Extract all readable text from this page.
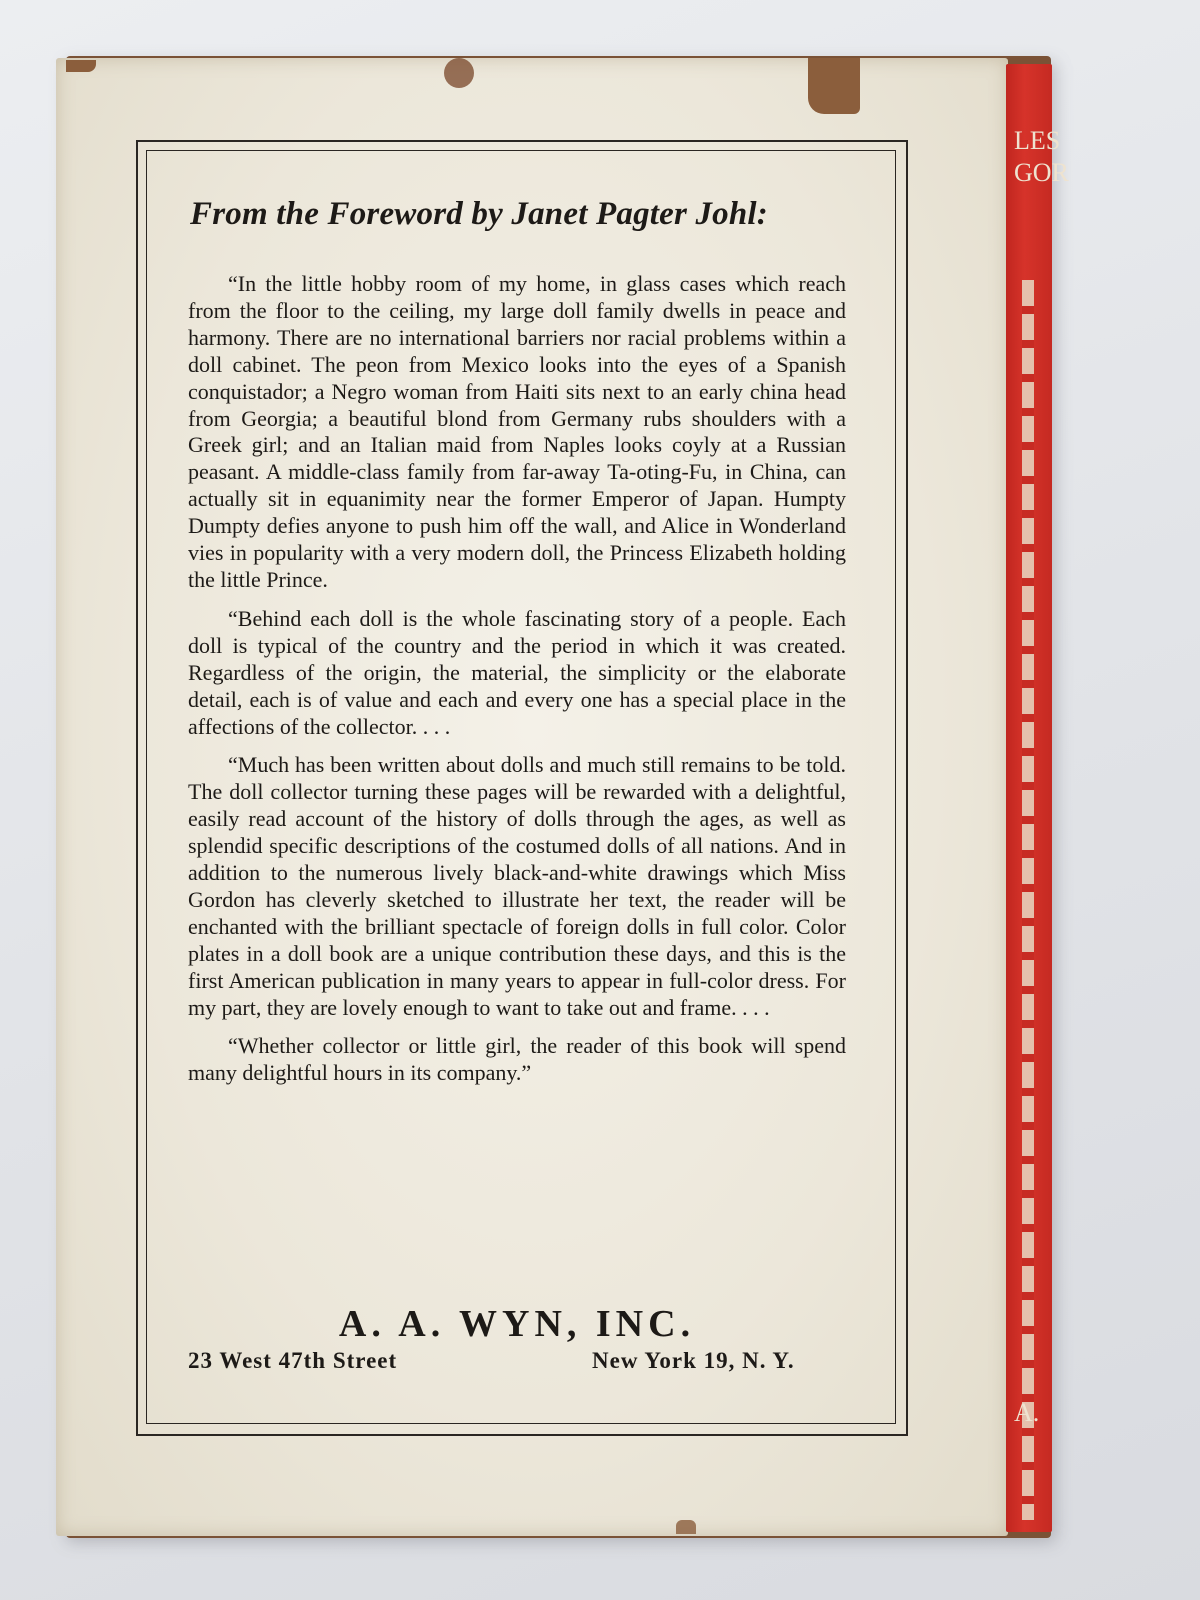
LES
GOR
A.
From the Foreword by Janet Pagter Johl:

“In the little hobby room of my home, in glass cases which reach from the floor to the ceiling, my large doll family dwells in peace and harmony. There are no international barriers nor racial problems within a doll cabinet. The peon from Mexico looks into the eyes of a Spanish conquistador; a Negro woman from Haiti sits next to an early china head from Georgia; a beautiful blond from Germany rubs shoulders with a Greek girl; and an Italian maid from Naples looks coyly at a Russian peasant. A middle-class family from far-away Ta-oting-Fu, in China, can actually sit in equanimity near the former Emperor of Japan. Humpty Dumpty defies anyone to push him off the wall, and Alice in Wonderland vies in popularity with a very modern doll, the Princess Elizabeth holding the little Prince.

“Behind each doll is the whole fascinating story of a people. Each doll is typical of the country and the period in which it was created. Regardless of the origin, the material, the simplicity or the elaborate detail, each is of value and each and every one has a special place in the affections of the collector. . . .

“Much has been written about dolls and much still remains to be told. The doll collector turning these pages will be rewarded with a delightful, easily read account of the history of dolls through the ages, as well as splendid specific descriptions of the costumed dolls of all nations. And in addition to the numerous lively black-and-white drawings which Miss Gordon has cleverly sketched to illustrate her text, the reader will be enchanted with the brilliant spectacle of foreign dolls in full color. Color plates in a doll book are a unique contribution these days, and this is the first American publication in many years to appear in full-color dress. For my part, they are lovely enough to want to take out and frame. . . .

“Whether collector or little girl, the reader of this book will spend many delightful hours in its company.”

A. A. WYN, INC.
23 West 47th Street	New York 19, N. Y.
